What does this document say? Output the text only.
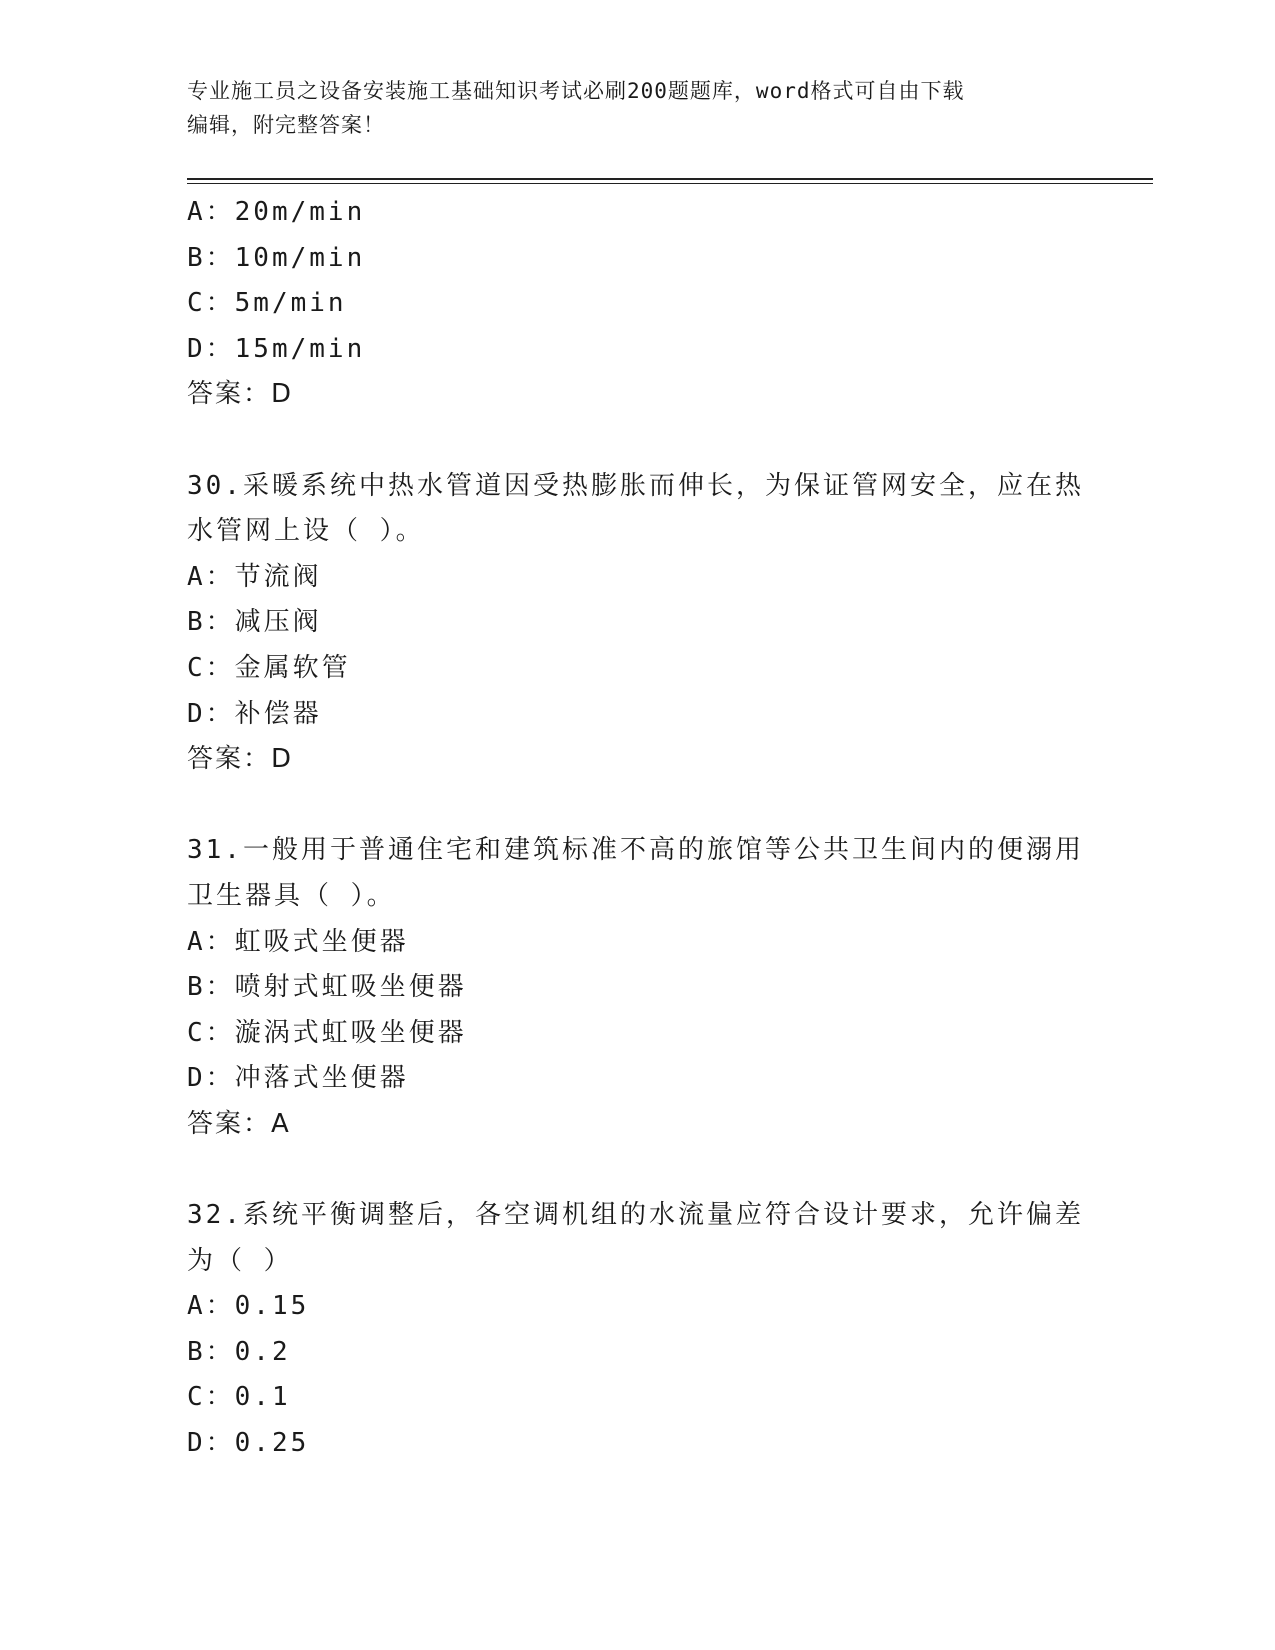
专业施工员之设备安装施工基础知识考试必刷200题题库，word格式可自由下载
编辑，附完整答案！
A：20m/min
B：10m/min
C：5m/min
D：15m/min
答案：D
30.采暖系统中热水管道因受热膨胀而伸长，为保证管网安全，应在热
水管网上设（ ）。
A：节流阀
B：减压阀
C：金属软管
D：补偿器
答案：D
31.一般用于普通住宅和建筑标准不高的旅馆等公共卫生间内的便溺用
卫生器具（ ）。
A：虹吸式坐便器
B：喷射式虹吸坐便器
C：漩涡式虹吸坐便器
D：冲落式坐便器
答案：A
32.系统平衡调整后，各空调机组的水流量应符合设计要求，允许偏差
为（ ）
A：0.15
B：0.2
C：0.1
D：0.25
